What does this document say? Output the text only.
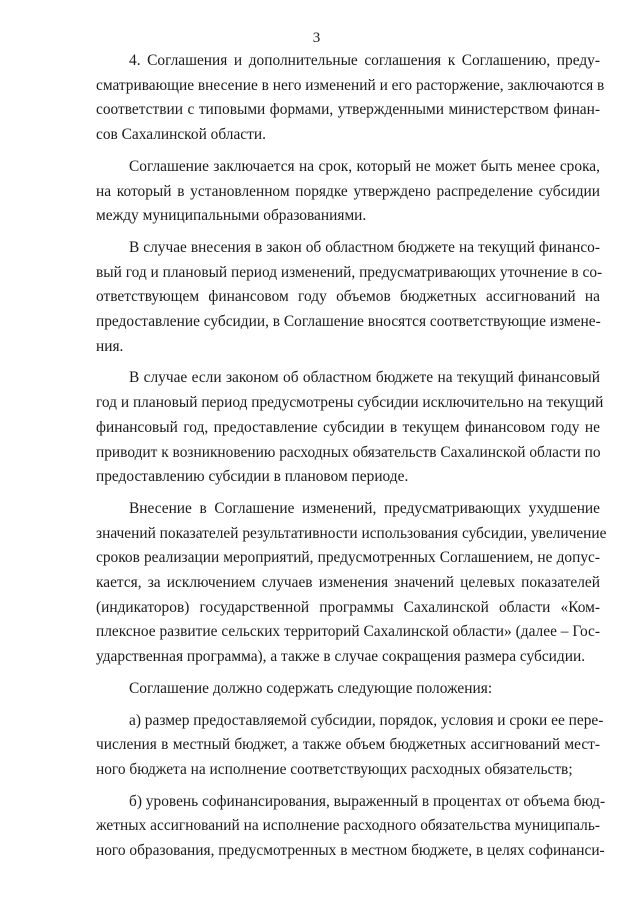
3

4. Соглашения и дополнительные соглашения к Соглашению, преду-
сматривающие внесение в него изменений и его расторжение, заключаются в
соответствии с типовыми формами, утвержденными министерством финан-
сов Сахалинской области.

Соглашение заключается на срок, который не может быть менее срока,
на который в установленном порядке утверждено распределение субсидии
между муниципальными образованиями.

В случае внесения в закон об областном бюджете на текущий финансо-
вый год и плановый период изменений, предусматривающих уточнение в со-
ответствующем финансовом году объемов бюджетных ассигнований на
предоставление субсидии, в Соглашение вносятся соответствующие измене-
ния.

В случае если законом об областном бюджете на текущий финансовый
год и плановый период предусмотрены субсидии исключительно на текущий
финансовый год, предоставление субсидии в текущем финансовом году не
приводит к возникновению расходных обязательств Сахалинской области по
предоставлению субсидии в плановом периоде.

Внесение в Соглашение изменений, предусматривающих ухудшение
значений показателей результативности использования субсидии, увеличение
сроков реализации мероприятий, предусмотренных Соглашением, не допус-
кается, за исключением случаев изменения значений целевых показателей
(индикаторов) государственной программы Сахалинской области «Ком-
плексное развитие сельских территорий Сахалинской области» (далее – Гос-
ударственная программа), а также в случае сокращения размера субсидии.

Соглашение должно содержать следующие положения:

а) размер предоставляемой субсидии, порядок, условия и сроки ее пере-
числения в местный бюджет, а также объем бюджетных ассигнований мест-
ного бюджета на исполнение соответствующих расходных обязательств;

б) уровень софинансирования, выраженный в процентах от объема бюд-
жетных ассигнований на исполнение расходного обязательства муниципаль-
ного образования, предусмотренных в местном бюджете, в целях софинанси-
